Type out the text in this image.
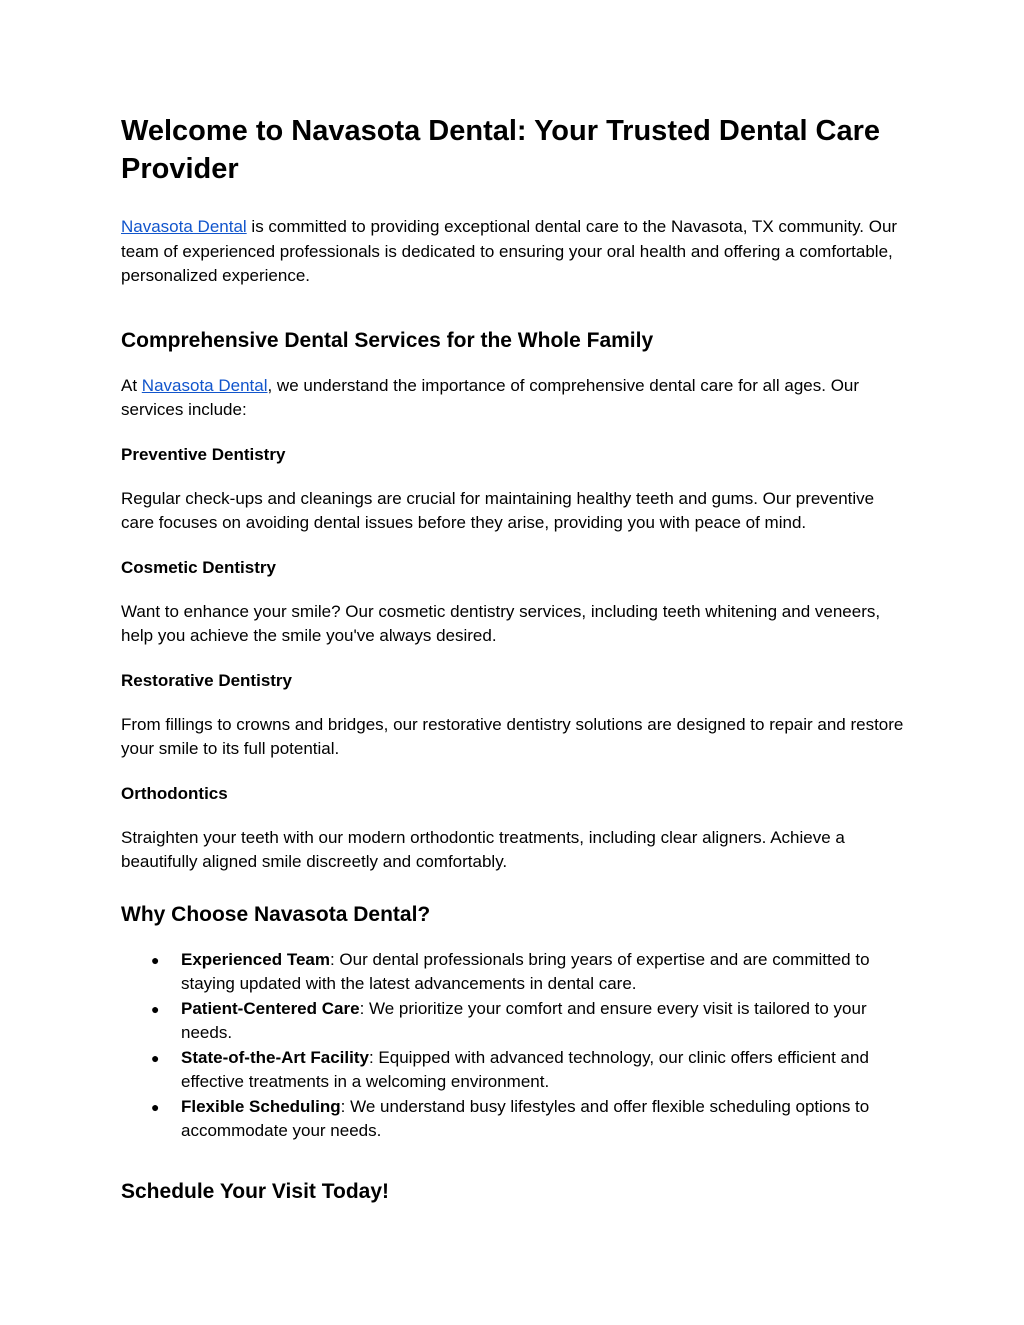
Welcome to Navasota Dental: Your Trusted Dental Care Provider

Navasota Dental is committed to providing exceptional dental care to the Navasota, TX community. Our team of experienced professionals is dedicated to ensuring your oral health and offering a comfortable, personalized experience.

Comprehensive Dental Services for the Whole Family

At Navasota Dental, we understand the importance of comprehensive dental care for all ages. Our services include:

Preventive Dentistry

Regular check-ups and cleanings are crucial for maintaining healthy teeth and gums. Our preventive care focuses on avoiding dental issues before they arise, providing you with peace of mind.

Cosmetic Dentistry

Want to enhance your smile? Our cosmetic dentistry services, including teeth whitening and veneers, help you achieve the smile you've always desired.

Restorative Dentistry

From fillings to crowns and bridges, our restorative dentistry solutions are designed to repair and restore your smile to its full potential.

Orthodontics

Straighten your teeth with our modern orthodontic treatments, including clear aligners. Achieve a beautifully aligned smile discreetly and comfortably.

Why Choose Navasota Dental?
● Experienced Team: Our dental professionals bring years of expertise and are committed to staying updated with the latest advancements in dental care.
● Patient-Centered Care: We prioritize your comfort and ensure every visit is tailored to your needs.
● State-of-the-Art Facility: Equipped with advanced technology, our clinic offers efficient and effective treatments in a welcoming environment.
● Flexible Scheduling: We understand busy lifestyles and offer flexible scheduling options to accommodate your needs.
Schedule Your Visit Today!
